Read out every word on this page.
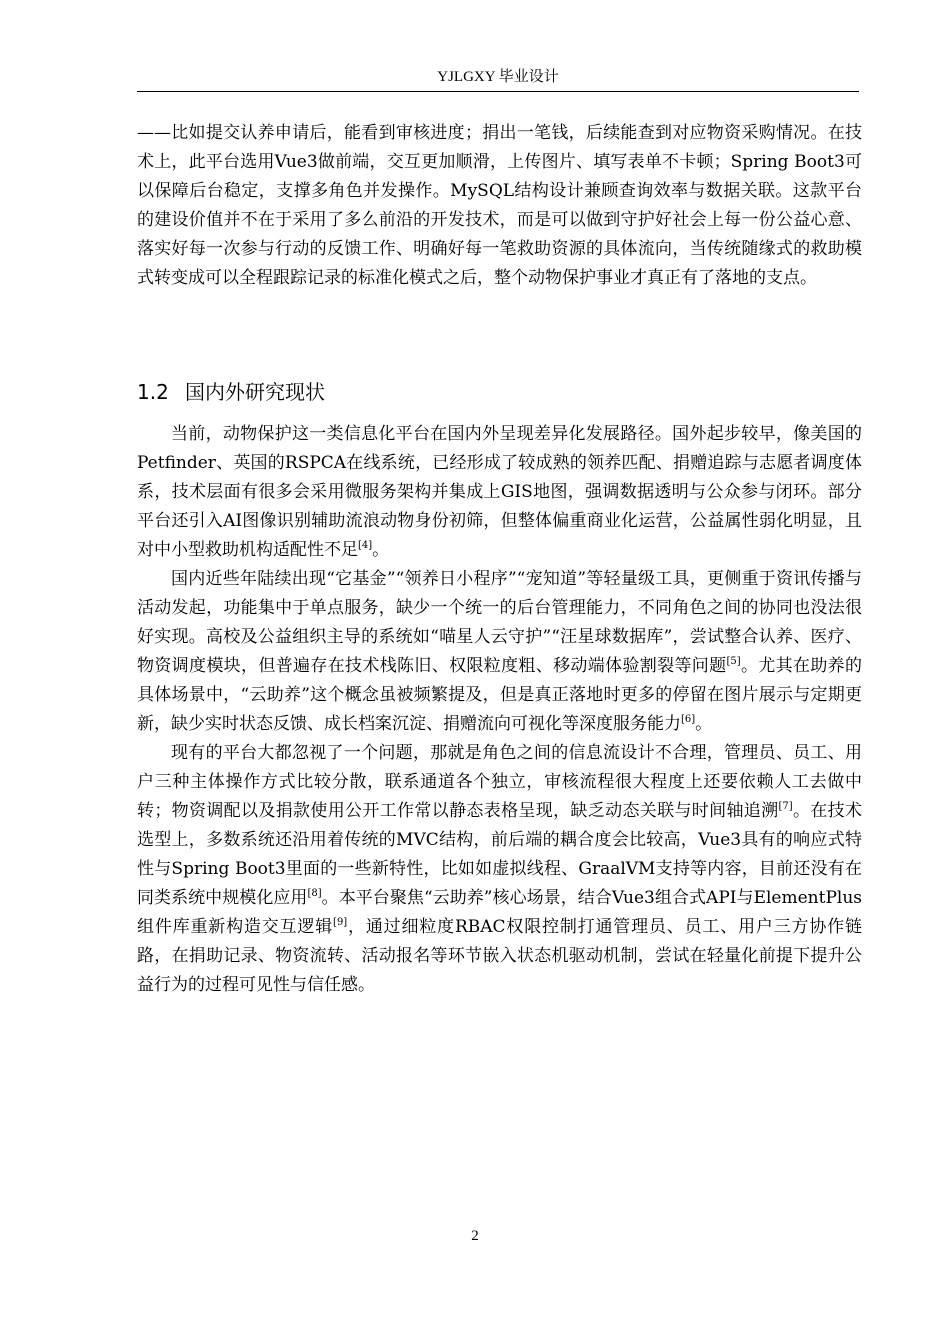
YJLGXY 毕业设计

——比如提交认养申请后，能看到审核进度；捐出一笔钱，后续能查到对应物资采购情况。在技术上，此平台选用Vue3做前端，交互更加顺滑，上传图片、填写表单不卡顿；Spring Boot3可以保障后台稳定，支撑多角色并发操作。MySQL结构设计兼顾查询效率与数据关联。这款平台的建设价值并不在于采用了多么前沿的开发技术，而是可以做到守护好社会上每一份公益心意、落实好每一次参与行动的反馈工作、明确好每一笔救助资源的具体流向，当传统随缘式的救助模式转变成可以全程跟踪记录的标准化模式之后，整个动物保护事业才真正有了落地的支点。

1.2 国内外研究现状

当前，动物保护这一类信息化平台在国内外呈现差异化发展路径。国外起步较早，像美国的Petfinder、英国的RSPCA在线系统，已经形成了较成熟的领养匹配、捐赠追踪与志愿者调度体系，技术层面有很多会采用微服务架构并集成上GIS地图，强调数据透明与公众参与闭环。部分平台还引入AI图像识别辅助流浪动物身份初筛，但整体偏重商业化运营，公益属性弱化明显，且对中小型救助机构适配性不足[4]。

国内近些年陆续出现“它基金”“领养日小程序”“宠知道”等轻量级工具，更侧重于资讯传播与活动发起，功能集中于单点服务，缺少一个统一的后台管理能力，不同角色之间的协同也没法很好实现。高校及公益组织主导的系统如“喵星人云守护”“汪星球数据库”，尝试整合认养、医疗、物资调度模块，但普遍存在技术栈陈旧、权限粒度粗、移动端体验割裂等问题[5]。尤其在助养的具体场景中，“云助养”这个概念虽被频繁提及，但是真正落地时更多的停留在图片展示与定期更新，缺少实时状态反馈、成长档案沉淀、捐赠流向可视化等深度服务能力[6]。

现有的平台大都忽视了一个问题，那就是角色之间的信息流设计不合理，管理员、员工、用户三种主体操作方式比较分散，联系通道各个独立，审核流程很大程度上还要依赖人工去做中转；物资调配以及捐款使用公开工作常以静态表格呈现，缺乏动态关联与时间轴追溯[7]。在技术选型上，多数系统还沿用着传统的MVC结构，前后端的耦合度会比较高，Vue3具有的响应式特性与Spring Boot3里面的一些新特性，比如如虚拟线程、GraalVM支持等内容，目前还没有在同类系统中规模化应用[8]。本平台聚焦“云助养”核心场景，结合Vue3组合式API与ElementPlus组件库重新构造交互逻辑[9]，通过细粒度RBAC权限控制打通管理员、员工、用户三方协作链路，在捐助记录、物资流转、活动报名等环节嵌入状态机驱动机制，尝试在轻量化前提下提升公益行为的过程可见性与信任感。

2
